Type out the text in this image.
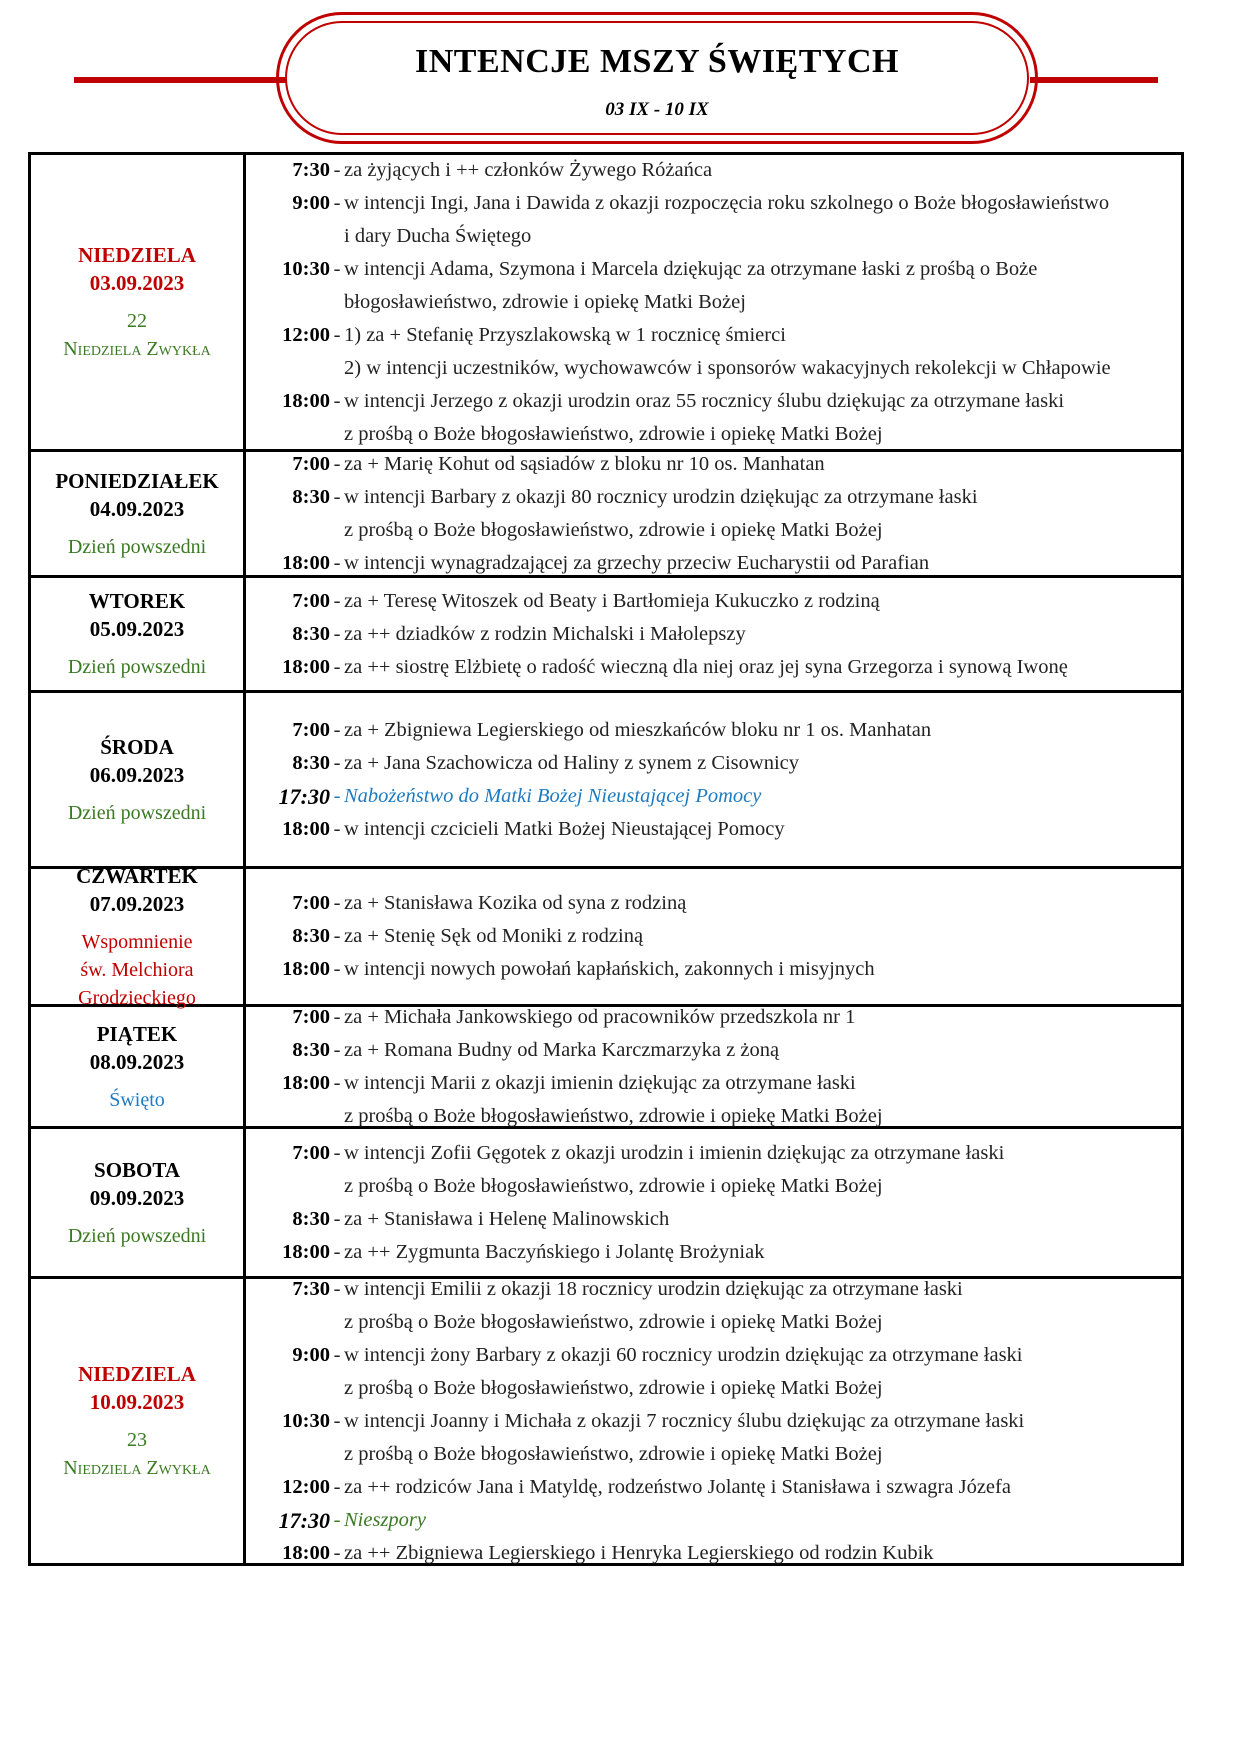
INTENCJE MSZY ŚWIĘTYCH
03 IX - 10 IX
NIEDZIELA
03.09.2023
22
Niedziela Zwykła
7:30 - za żyjących i ++ członków Żywego Różańca
9:00 - w intencji Ingi, Jana i Dawida z okazji rozpoczęcia roku szkolnego o Boże błogosławieństwo
i dary Ducha Świętego
10:30 - w intencji Adama, Szymona i Marcela dziękując za otrzymane łaski z prośbą o Boże
błogosławieństwo, zdrowie i opiekę Matki Bożej
12:00 - 1) za + Stefanię Przyszlakowską w 1 rocznicę śmierci
2) w intencji uczestników, wychowawców i sponsorów wakacyjnych rekolekcji w Chłapowie
18:00 - w intencji Jerzego z okazji urodzin oraz 55 rocznicy ślubu dziękując za otrzymane łaski
z prośbą o Boże błogosławieństwo, zdrowie i opiekę Matki Bożej
PONIEDZIAŁEK
04.09.2023
Dzień powszedni
7:00 - za + Marię Kohut od sąsiadów z bloku nr 10 os. Manhatan
8:30 - w intencji Barbary z okazji 80 rocznicy urodzin dziękując za otrzymane łaski
z prośbą o Boże błogosławieństwo, zdrowie i opiekę Matki Bożej
18:00 - w intencji wynagradzającej za grzechy przeciw Eucharystii od Parafian
WTOREK
05.09.2023
Dzień powszedni
7:00 - za + Teresę Witoszek od Beaty i Bartłomieja Kukuczko z rodziną
8:30 - za ++ dziadków z rodzin Michalski i Małolepszy
18:00 - za ++ siostrę Elżbietę o radość wieczną dla niej oraz jej syna Grzegorza i synową Iwonę
ŚRODA
06.09.2023
Dzień powszedni
7:00 - za + Zbigniewa Legierskiego od mieszkańców bloku nr 1 os. Manhatan
8:30 - za + Jana Szachowicza od Haliny z synem z Cisownicy
17:30 - Nabożeństwo do Matki Bożej Nieustającej Pomocy
18:00 - w intencji czcicieli Matki Bożej Nieustającej Pomocy
CZWARTEK
07.09.2023
Wspomnienie
św. Melchiora
Grodzieckiego
7:00 - za + Stanisława Kozika od syna z rodziną
8:30 - za + Stenię Sęk od Moniki z rodziną
18:00 - w intencji nowych powołań kapłańskich, zakonnych i misyjnych
PIĄTEK
08.09.2023
Święto
7:00 - za + Michała Jankowskiego od pracowników przedszkola nr 1
8:30 - za + Romana Budny od Marka Karczmarzyka z żoną
18:00 - w intencji Marii z okazji imienin dziękując za otrzymane łaski
z prośbą o Boże błogosławieństwo, zdrowie i opiekę Matki Bożej
SOBOTA
09.09.2023
Dzień powszedni
7:00 - w intencji Zofii Gęgotek z okazji urodzin i imienin dziękując za otrzymane łaski
z prośbą o Boże błogosławieństwo, zdrowie i opiekę Matki Bożej
8:30 - za + Stanisława i Helenę Malinowskich
18:00 - za ++ Zygmunta Baczyńskiego i Jolantę Brożyniak
NIEDZIELA
10.09.2023
23
Niedziela Zwykła
7:30 - w intencji Emilii z okazji 18 rocznicy urodzin dziękując za otrzymane łaski
z prośbą o Boże błogosławieństwo, zdrowie i opiekę Matki Bożej
9:00 - w intencji żony Barbary z okazji 60 rocznicy urodzin dziękując za otrzymane łaski
z prośbą o Boże błogosławieństwo, zdrowie i opiekę Matki Bożej
10:30 - w intencji Joanny i Michała z okazji 7 rocznicy ślubu dziękując za otrzymane łaski
z prośbą o Boże błogosławieństwo, zdrowie i opiekę Matki Bożej
12:00 - za ++ rodziców Jana i Matyldę, rodzeństwo Jolantę i Stanisława i szwagra Józefa
17:30 - Nieszpory
18:00 - za ++ Zbigniewa Legierskiego i Henryka Legierskiego od rodzin Kubik
